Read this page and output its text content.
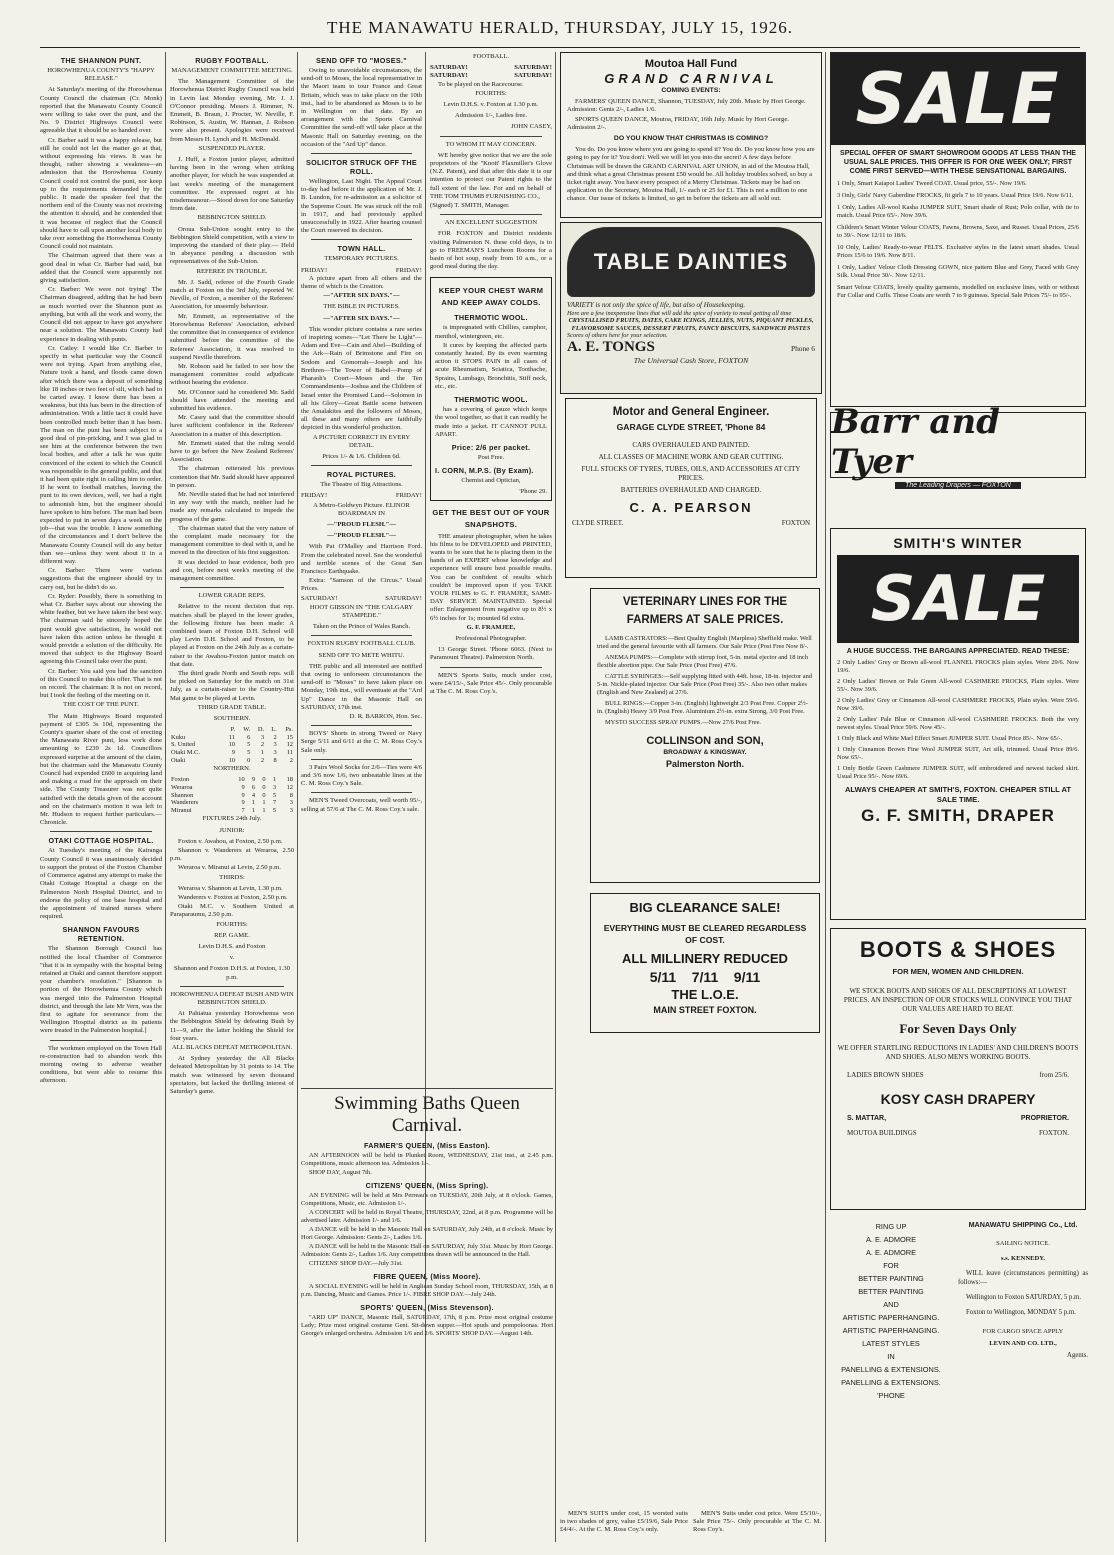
THE MANAWATU HERALD, THURSDAY, JULY 15, 1926.
THE SHANNON PUNT.
HOROWHENUA COUNTY'S "HAPPY RELEASE."

At Saturday's meeting of the Horowhenua County Council the chairman (Cr. Monk) reported that the Manawatu County Council were willing to take over the punt, and the No. 9 District Highways Council were agreeable that it should be so handed over.

Cr. Barber said it was a happy release, but still he could not let the matter go at that, without expressing his views. It was he thought, rather showing a weakness—an admission that the Horowhenua County Council could not control the punt, nor keep up to the requirements demanded by the public. It made the speaker feel that the northern end of the County was not receiving the attention it should, and he contended that it was because of neglect that the Council should have to call upon another local body to take over something the Horowhenua County Council could not maintain.

The Chairman agreed that there was a good deal in what Cr. Barber had said, but added that the Council were apparently not giving satisfaction.

Cr. Barber: We were not trying! The Chairman disagreed, adding that he had been as much worried over the Shannon punt as anything, but with all the work and worry, the Council did not appear to have got anywhere near a solution. The Manawatu County had experience in dealing with punts.

Cr. Catley: I would like Cr. Barber to specify in what particular way the Council were not trying. Apart from anything else, Nature took a hand, and floods came down after which there was a deposit of something like 18 inches or two feet of silt, which had to be carted away. I know there has been a weakness, but this has been in the direction of administration. With a little tact it could have been controlled much better than it has been. The man on the punt has been subject to a good deal of pin-pricking, and I was glad to see him at the conference between the two local bodies, and after a talk he was quite convinced of the extent to which the Council was responsible to the general public, and that it had been quite right in calling him to order. If he went to football matches, leaving the punt to its own devices, well, we had a right to admonish him, but the engineer should have spoken to him before. The man had been expected to put in seven days a week on the job—that was the trouble. I know something of the circumstances and I don't believe the Manawatu County Council will do any better than we—unless they went about it in a different way.

Cr. Barber: There were various suggestions that the engineer should try to carry out, but he didn't do so.

Cr. Ryder: Possibly, there is something in what Cr. Barber says about our showing the white feather, but we have taken the best way. The chairman said he sincerely hoped the punt would give satisfaction, he would not have taken this action unless he thought it would provide a solution of the difficulty. He moved that subject to the Highway Board agreeing this Council take over the punt.

Cr. Barber: You said you had the sanction of this Council to make this offer. That is not on record. The chairman: It is not on record, but I took the feeling of the meeting on it.

THE COST OF THE PUNT.

The Main Highways Board requested payment of £305 3s 10d, representing the County's quarter share of the cost of erecting the Manawatu River punt, less work done amounting to £239 2s 1d. Councillors expressed surprise at the amount of the claim, but the chairman said the Manawatu County Council had expended £600 in acquiring land and making a road for the approach on their side. The County Treasurer was not quite satisfied with the details given of the account and on the chairman's motion it was left to Mr. Hudson to request further particulars.—Chronicle.

OTAKI COTTAGE HOSPITAL.

At Tuesday's meeting of the Kairanga County Council it was unanimously decided to support the protest of the Foxton Chamber of Commerce against any attempt to make the Otaki Cottage Hospital a charge on the Palmerston North Hospital District, and to endorse the policy of one base hospital and the appointment of trained nurses where required.

SHANNON FAVOURS RETENTION.

The Shannon Borough Council has notified the local Chamber of Commerce "that it is in sympathy with the hospital being retained at Otaki and cannot therefore support your chamber's resolution." [Shannon is portion of the Horowhenua County which was merged into the Palmerston Hospital district, and through the late Mr Vern, was the first to agitate for severance from the Wellington Hospital district as its patients were treated in the Palmerston hospital.]

The workmen employed on the Town Hall re-construction had to abandon work this morning owing to adverse weather conditions, but were able to resume this afternoon.

RUGBY FOOTBALL.
MANAGEMENT COMMITTEE MEETING.

The Management Committee of the Horowhenua District Rugby Council was held in Levin last Monday evening, Mr. J. J. O'Connor presiding. Messrs J. Rimmer, N. Emmett, B. Braun, J. Procter, W. Neville, F. Robinson, S. Austin, W. Hannan, J. Robson were also present. Apologies were received from Messrs H. Lynch and H. McDonald.

SUSPENDED PLAYER.

J. Huff, a Foxton junior player, admitted having been in the wrong when striking another player, for which he was suspended at last week's meeting of the management committee. He expressed regret at his misdemeanour.—Stood down for one Saturday from date.

BEBBINGTON SHIELD.

Oroua Sub-Union sought entry to the Bebbington Shield competition, with a view to improving the standard of their play.— Held in abeyance pending a discussion with representatives of the Sub-Union.

REFEREE IN TROUBLE.

Mr. J. Sadd, referee of the Fourth Grade match at Foxton on the 3rd July, reported W. Neville, of Foxton, a member of the Referees' Association, for unseemly behaviour.

Mr. Emmett, as representative of the Horowhenua Referees' Association, advised the committee that in consequence of evidence submitted before the committee of the Referees' Association, it was resolved to suspend Neville therefrom.

Mr. Robson said he failed to see how the management committee could adjudicate without hearing the evidence.

Mr. O'Connor said he considered Mr. Sadd should have attended the meeting and submitted his evidence.

Mr. Casey said that the committee should have sufficient confidence in the Referees' Association in a matter of this description.

Mr. Emmett stated that the ruling would have to go before the New Zealand Referees' Association.

The chairman reiterated his previous contention that Mr. Sadd should have appeared in person.

Mr. Neville stated that he had not interfered in any way with the match, neither had he made any remarks calculated to impede the progress of the game.

The chairman stated that the very nature of the complaint made necessary for the management committee to deal with it, and he moved in the direction of his first suggestion.

It was decided to hear evidence, both pro and con, before next week's meeting of the management committee.

LOWER GRADE REPS.

Relative to the recent decision that rep. matches shall be played in the lower grades, the following fixture has been made: A combined team of Foxton D.H. School will play Levin D.H. School and Foxton, to be played at Foxton on the 24th July as a curtain-raiser to the Awahou-Foxton junior match on that date.

The third grade North and South reps. will be picked on Saturday for the match on 31st July, as a curtain-raiser to the Country-Hui Mai game to be played at Levin.

THIRD GRADE TABLE.
SOUTHERN.
	P.	W.	D.	L.	Ps.
Kuku	11	6	3	2	15
S. United	10	5	2	3	12
Otaki M.C.	9	5	1	3	11
Otaki	10	0	2	8	2
NORTHERN.
Foxton	10	9	0	1	18
Weraroa	9	6	0	3	12
Shannon	9	4	0	5	8
Wanderers	9	1	1	7	3
Miranui	7	1	1	5	3
FIXTURES 24th July.
JUNIOR:

Foxton v. Awahou, at Foxton, 2.50 p.m.

Shannon v. Wanderers at Weraroa, 2.50 p.m.

Weraroa v. Miranui at Levin, 2.50 p.m.

THIRDS:

Weraroa v. Shannon at Levin, 1.30 p.m.

Wanderers v. Foxton at Foxton, 2.50 p.m.

Otaki M.C. v. Southern United at Paraparaumu, 2.50 p.m.

FOURTHS:
REP. GAME.
Levin D.H.S. and Foxton
v.
Shannon and Foxton D.H.S. at Foxton, 1.30 p.m.
HOROWHENUA DEFEAT BUSH AND WIN BEBBINGTON SHIELD.

At Pahiatua yesterday Horowhenua won the Bebbington Shield by defeating Bush by 11—9, after the latter holding the Shield for four years.

ALL BLACKS DEFEAT METROPOLITAN.

At Sydney yesterday the All Blacks defeated Metropolitan by 31 points to 14. The match was witnessed by seven thousand spectators, but lacked the thrilling interest of Saturday's game.

SEND OFF TO "MOSES."

Owing to unavoidable circumstances, the send-off to Moses, the local representative in the Maori team to tour France and Great Britain, which was to take place on the 10th inst., had to be abandoned as Moses is to be in Wellington on that date. By an arrangement with the Sports Carnival Committee the send-off will take place at the Masonic Hall on Saturday evening, on the occasion of the "Ard Up" dance.

SOLICITOR STRUCK OFF THE ROLL.

Wellington, Last Night. The Appeal Court to-day had before it the application of Mr. J. B. Lundon, for re-admission as a solicitor of the Supreme Court. He was struck off the roll in 1917, and had previously applied unsuccessfully in 1922. After hearing counsel the Court reserved its decision.

TOWN HALL.
TEMPORARY PICTURES.
FRIDAY!	FRIDAY!

A picture apart from all others and the theme of which is the Creation.

—"AFTER SIX DAYS."—
THE BIBLE IN PICTURES.
—"AFTER SIX DAYS."—

This wonder picture contains a rare series of inspiring scenes—"Let There be Light"—Adam and Eve—Cain and Abel—Building of the Ark—Rain of Brimstone and Fire on Sodom and Gomorrah—Joseph and his Brethren—The Tower of Babel—Pomp of Pharaoh's Court—Moses and the Ten Commandments—Joshua and the Children of Israel enter the Promised Land—Solomon in all his Glory—Great Battle scene between the Amalakites and the followers of Moses, all these and many others are faithfully depicted in this wonderful production.

A PICTURE CORRECT IN EVERY DETAIL.
Prices 1/- & 1/6. Children 6d.
ROYAL PICTURES.
The Theatre of Big Attractions.
FRIDAY!	FRIDAY!
A Metro-Goldwyn Picture. ELINOR BOARDMAN IN
—"PROUD FLESH."—
—"PROUD FLESH."—

With Pat O'Malley and Harrison Ford. From the celebrated novel. See the wonderful and terrible scenes of the Great San Francisco Earthquake.

Extra: "Samson of the Circus." Usual Prices.

SATURDAY!	SATURDAY!
HOOT GIBSON IN "THE CALGARY STAMPEDE."
Taken on the Prince of Wales Ranch.
FOXTON RUGBY FOOTBALL CLUB.
SEND OFF TO METE WHITU.

THE public and all interested are notified that owing to unforseen circumstances the send-off to "Moses" to have taken place on Monday, 19th inst., will eventuate at the "Ard Up" Dance in the Masonic Hall on SATURDAY, 17th inst.

D. R. BARRON, Hon. Sec.

BOYS' Shorts in strong Tweed or Navy Serge 5/11 and 6/11 at the C. M. Ross Coy.'s Sale only.

3 Pairs Wool Socks for 2/6—Ties were 4/6 and 3/6 now 1/6, two unbeatable lines at the C. M. Ross Coy.'s Sale.

MEN'S Tweed Overcoats, well worth 95/-, selling at 57/6 at The C. M. Ross Coy.'s sale.

FOOTBALL.
SATURDAY!	SATURDAY!
SATURDAY!	SATURDAY!

To be played on the Racecourse.

FOURTHS:
Levin D.H.S. v. Foxton at 1.30 p.m.
Admission 1/-, Ladies free.
JOHN CASEY,
TO WHOM IT MAY CONCERN.

WE hereby give notice that we are the sole proprietors of the "Knott' Flaxmiller's Glove (N.Z. Patent), and that after this date it is our intention to protect our Patent rights to the full extent of the law. For and on behalf of THE TOM THUMB FURNISHING CO.,

(Signed) T. SMITH, Manager.
AN EXCELLENT SUGGESTION

FOR FOXTON and District residents visiting Palmerston N. these cold days, is to go to FREEMAN'S Luncheon Rooms for a basin of hot soup, ready from 10 a.m., or a good meal during the day.

KEEP YOUR CHEST WARM AND KEEP AWAY COLDS.
THERMOTIC WOOL.

is impregnated with Chillies, camphor, menthol, wintergreen, etc.

It cures by keeping the affected parts constantly heated. By its even warming action it STOPS PAIN in all cases of acute Rheumatism, Sciatica, Toothache, Sprains, Lumbago, Bronchitis, Stiff neck, etc., etc.

THERMOTIC WOOL.

has a covering of gauze which keeps the wool together, so that it can readily be made into a jacket. IT CANNOT PULL APART.

Price: 2/6 per packet.
Post Free.
I. CORN, M.P.S. (By Exam).
Chemist and Optician,
'Phone 29.
GET THE BEST OUT OF YOUR SNAPSHOTS.

THE amateur photographer, when he takes his films to be DEVELOPED and PRINTED, wants to be sure that he is placing them in the hands of an EXPERT whose knowledge and experience will ensure best possible results. You can be confident of results which couldn't be improved upon if you TAKE YOUR FILMS to G. F. FRAMJEE, SAME-DAY SERVICE MAINTAINED. Special offer: Enlargement from negative up to 8½ x 6½ inches for 1s; mounted 6d extra.

G. F. FRAMJEE,
Professional Photographer.

13 George Street. 'Phone 6063. (Next to Paramount Theatre). Palmerston North.

MEN'S Sports Suits, much under cost, were £4/15/-, Sale Price 45/-. Only procurable at The C. M. Ross Coy.'s.

Moutoa Hall Fund
GRAND CARNIVAL
COMING EVENTS:

FARMERS' QUEEN DANCE, Shannon, TUESDAY, July 20th. Music by Hori George. Admission: Gents 2/-, Ladies 1/6.

SPORTS QUEEN DANCE, Moutoa, FRIDAY, 16th July. Music by Hori George. Admission 2/-.

DO YOU KNOW THAT CHRISTMAS IS COMING?

You do. Do you know where you are going to spend it? You do. Do you know how you are going to pay for it? You don't. Well we will let you into the secret! A few days before Christmas will be drawn the GRAND CARNIVAL ART UNION, in aid of the Moutoa Hall, and think what a great Christmas present £50 would be. All holiday troubles solved, so buy a ticket right away. You have every prospect of a Merry Christmas. Tickets may be had on application to the Secretary, Moutoa Hall, 1/- each or 25 for £1. This is not a million to one chance. Our issue of tickets is limited, so get in before the tickets are all sold out.

TABLE DAINTIES
VARIETY is not only the spice of life, but also of Housekeeping.
Here are a few inexpensive lines that will add the spice of variety to meal getting all time
CRYSTALLISED FRUITS, DATES, CAKE ICINGS, JELLIES, NUTS, PIQUANT PICKLES, FLAVORSOME SAUCES, DESSERT FRUITS, FANCY BISCUITS, SANDWICH PASTES
Scores of others here for your selection.
A. E. TONGS	Phone 6
The Universal Cash Store, FOXTON
Motor and General Engineer.
GARAGE CLYDE STREET, 'Phone 84
CARS OVERHAULED AND PAINTED.
ALL CLASSES OF MACHINE WORK AND GEAR CUTTING.
FULL STOCKS OF TYRES, TUBES, OILS, AND ACCESSORIES AT CITY PRICES.
BATTERIES OVERHAULED AND CHARGED.
C. A. PEARSON
CLYDE STREET.	FOXTON
VETERINARY LINES FOR THE FARMERS AT SALE PRICES.

LAMB CASTRATORS:—Best Quality English (Marpless) Sheffield make. Well tried and the general favourite with all farmers. Our Sale Price (Post Free Now 8/-.

ANEMA PUMPS:—Complete with stirrup foot, 5-in. metal ejector and 18 inch flexible abortion pipe. Our Sale Price (Post Free) 47/6.

CATTLE SYRINGES:—Self supplying fitted with 44ft. hose, 18-in. injector and 5-in. Nickle-plated injector. Our Sale Price (Post Free) 35/-. Also two other makes (English and New Zealand) at 27/6.

BULL RINGS:—Copper 3-in. (English) lightweight 2/3 Post Free. Copper 2½-in. (English) Heavy 3/9 Post Free. Aluminium 2½-in. extra Strong, 3/0 Post Free.

MYSTO SUCCESS SPRAY PUMPS.—Now 27/6 Post Free.

COLLINSON and SON,
BROADWAY & KINGSWAY.
Palmerston North.
BIG CLEARANCE SALE!
EVERYTHING MUST BE CLEARED REGARDLESS OF COST.
ALL MILLINERY REDUCED
5/11    7/11    9/11
THE L.O.E.
MAIN STREET FOXTON.
Swimming Baths Queen Carnival.
FARMER'S QUEEN, (Miss Easton).

AN AFTERNOON will be held in Plunket Room, WEDNESDAY, 21st inst., at 2.45 p.m. Competitions, music afternoon tea. Admission 1/-.

SHOP DAY, August 7th.

CITIZENS' QUEEN, (Miss Spring).

AN EVENING will be held at Mrs Perreau's on TUESDAY, 20th July, at 8 o'clock. Games, Competitions, Music, etc. Admission 1/-.

A CONCERT will be held in Royal Theatre, THURSDAY, 22nd, at 8 p.m. Programme will be advertised later. Admission 1/- and 1/6.

A DANCE will be held in the Masonic Hall on SATURDAY, July 24th, at 8 o'clock. Music by Hori George. Admission: Gents 2/-, Ladies 1/6.

A DANCE will be held in the Masonic Hall on SATURDAY, July 31st. Music by Hori George. Admission: Gents 2/-, Ladies 1/6. Any competitions drawn will be announced in the Hall.

CITIZENS' SHOP DAY.—July 31st.

FIBRE QUEEN, (Miss Moore).

A SOCIAL EVENING will be held in Anglican Sunday School room, THURSDAY, 15th, at 8 p.m. Dancing, Music and Games. Price 1/-. FIBRE SHOP DAY.—July 24th.

SPORTS' QUEEN, (Miss Stevenson).

"ARD UP" DANCE, Masonic Hall, SATURDAY, 17th, 8 p.m. Prize most original costume Lady; Prize most original costume Gent. Sit-down supper.—Hot spuds and pompoloonas. Hori George's enlarged orchestra. Admission 1/6 and 2/6. SPORTS' SHOP DAY.—August 14th.

MEN'S SUITS under cost, 15 worsted suits in two shades of grey, value £5/19/6, Sale Price £4/4/-. At the C. M. Ross Coy.'s only.

MEN'S Suits under cost price. Were £5/10/-, Sale Price 75/-. Only procurable at The C. M. Ross Coy's.

SALE
SPECIAL OFFER OF SMART SHOWROOM GOODS AT LESS THAN THE USUAL SALE PRICES. THIS OFFER IS FOR ONE WEEK ONLY; FIRST COME FIRST SERVED—WITH THESE SENSATIONAL BARGAINS.
1 Only, Smart Kaiapoi Ladies' Tweed COAT. Usual price, 55/-. Now 19/6.
3 Only, Girls' Navy Gaberdine FROCKS, fit girls 7 to 10 years. Usual Price 19/6. Now 6/11.
1 Only, Ladies All-wool Kasha JUMPER SUIT, Smart shade of Rust; Polo collar, with tie to match. Usual Price 65/-. Now 39/6.
Children's Smart Winter Velour COATS, Fawns, Browns, Saxe, and Russet. Usual Prices, 25/6 to 39/-. Now 12/11 to 18/6.
10 Only, Ladies' Ready-to-wear FELTS. Exclusive styles in the latest smart shades. Usual Prices 15/6 to 19/6. Now 8/11.
1 Only, Ladies' Velour Cloth Dressing GOWN, nice pattern Blue and Grey, Faced with Grey Silk. Usual Price 30/-. Now 12/11.
Smart Velour COATS, lovely quality garments, modelled on exclusive lines, with or without Fur Collar and Cuffs. These Coats are worth 7 to 9 guineas. Special Sale Prices 75/- to 95/-.
Barr and Tyer
The Leading Drapers — FOXTON
SMITH'S WINTER
SALE
A HUGE SUCCESS. THE BARGAINS APPRECIATED. READ THESE:
2 Only Ladies' Grey or Brown all-wool FLANNEL FROCKS plain styles. Were 29/6. Now 19/6.
2 Only Ladies' Brown or Pale Green All-wool CASHMERE FROCKS, Plain styles. Were 55/-. Now 39/6.
2 Only Ladies' Grey or Cinnamon All-wool CASHMERE FROCKS, Plain styles. Were 59/6. Now 39/6.
2 Only Ladies' Pale Blue or Cinnamon All-wool CASHMERE FROCKS. Both the very newest styles. Usual Price 59/6. Now 45/-.
1 Only Black and White Marl Effect Smart JUMPER SUIT. Usual Price 85/-. Now 65/-.
1 Only Cinnamon Brown Fine Wool JUMPER SUIT, Art silk, trimmed. Usual Price 89/6. Now 65/-.
1 Only Bottle Green Cashmere JUMPER SUIT, self embroidered and newest tucked skirt. Usual Price 95/-. Now 69/6.
ALWAYS CHEAPER AT SMITH'S, FOXTON. CHEAPER STILL AT SALE TIME.
G. F. SMITH, DRAPER
BOOTS & SHOES
FOR MEN, WOMEN AND CHILDREN.
WE STOCK BOOTS AND SHOES OF ALL DESCRIPTIONS AT LOWEST PRICES. AN INSPECTION OF OUR STOCKS WILL CONVINCE YOU THAT OUR VALUES ARE HARD TO BEAT.
For Seven Days Only
WE OFFER STARTLING REDUCTIONS IN LADIES' AND CHILDREN'S BOOTS AND SHOES. ALSO MEN'S WORKING BOOTS.
LADIES BROWN SHOES	from 25/6.
KOSY CASH DRAPERY
S. MATTAR,	PROPRIETOR.
MOUTOA BUILDINGS	FOXTON.
RING UP
A. E. ADMORE
A. E. ADMORE
FOR
BETTER PAINTING
BETTER PAINTING
AND
ARTISTIC PAPERHANGING.
ARTISTIC PAPERHANGING.
LATEST STYLES
IN
PANELLING & EXTENSIONS.
PANELLING & EXTENSIONS.
'PHONE
MANAWATU SHIPPING Co., Ltd.
SAILING NOTICE.
s.s. KENNEDY.

WILL leave (circumstances permitting) as follows:—

Wellington to Foxton SATURDAY, 5 p.m.

Foxton to Wellington, MONDAY 5 p.m.

FOR CARGO SPACE APPLY
LEVIN AND CO. LTD.,
Agents.
